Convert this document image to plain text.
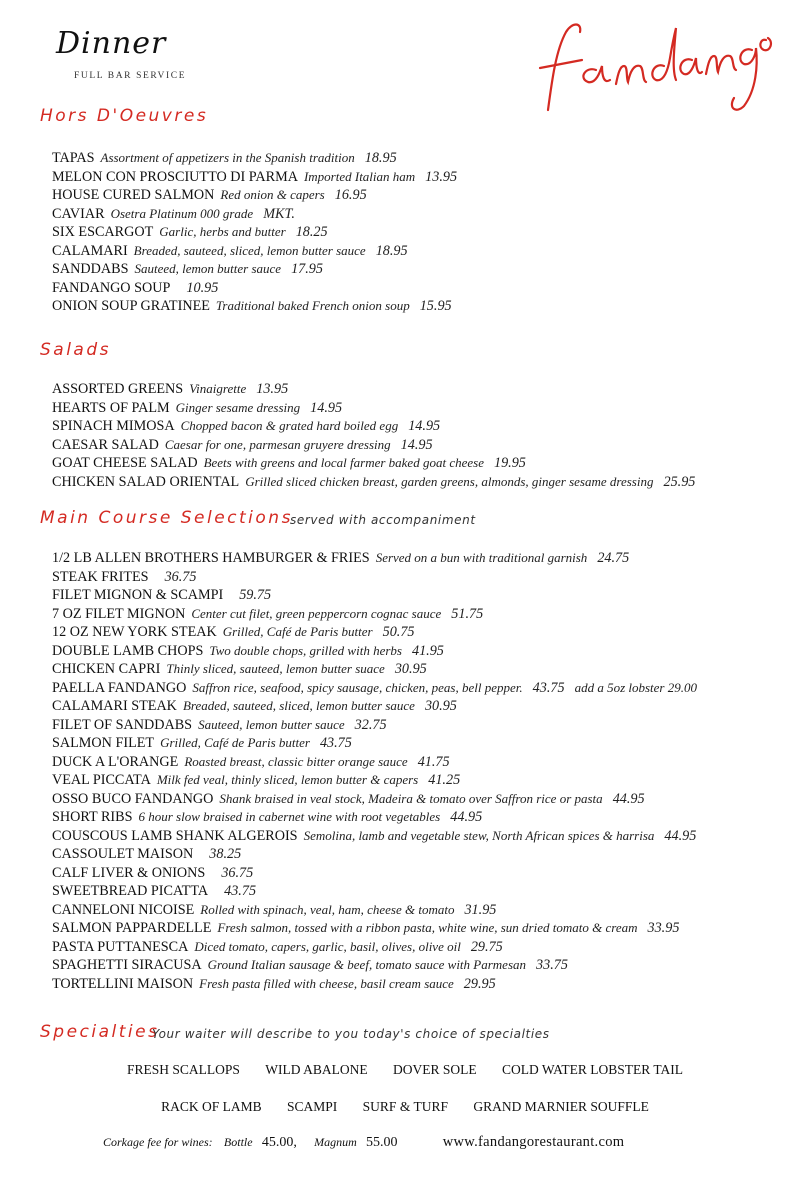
Dinner
FULL BAR SERVICE
Hors D'Oeuvres
TAPAS Assortment of appetizers in the Spanish tradition 18.95
MELON CON PROSCIUTTO DI PARMA Imported Italian ham 13.95
HOUSE CURED SALMON Red onion & capers 16.95
CAVIAR Osetra Platinum 000 grade MKT.
SIX ESCARGOT Garlic, herbs and butter 18.25
CALAMARI Breaded, sauteed, sliced, lemon butter sauce 18.95
SANDDABS Sauteed, lemon butter sauce 17.95
FANDANGO SOUP 10.95
ONION SOUP GRATINEE Traditional baked French onion soup 15.95
Salads
ASSORTED GREENS Vinaigrette 13.95
HEARTS OF PALM Ginger sesame dressing 14.95
SPINACH MIMOSA Chopped bacon & grated hard boiled egg 14.95
CAESAR SALAD Caesar for one, parmesan gruyere dressing 14.95
GOAT CHEESE SALAD Beets with greens and local farmer baked goat cheese 19.95
CHICKEN SALAD ORIENTAL Grilled sliced chicken breast, garden greens, almonds, ginger sesame dressing 25.95
Main Course Selections
served with accompaniment
1/2 LB ALLEN BROTHERS HAMBURGER & FRIES Served on a bun with traditional garnish 24.75
STEAK FRITES 36.75
FILET MIGNON & SCAMPI 59.75
7 OZ FILET MIGNON Center cut filet, green peppercorn cognac sauce 51.75
12 OZ NEW YORK STEAK Grilled, Café de Paris butter 50.75
DOUBLE LAMB CHOPS Two double chops, grilled with herbs 41.95
CHICKEN CAPRI Thinly sliced, sauteed, lemon butter suace 30.95
PAELLA FANDANGO Saffron rice, seafood, spicy sausage, chicken, peas, bell pepper. 43.75 add a 5oz lobster 29.00
CALAMARI STEAK Breaded, sauteed, sliced, lemon butter sauce 30.95
FILET OF SANDDABS Sauteed, lemon butter sauce 32.75
SALMON FILET Grilled, Café de Paris butter 43.75
DUCK A L'ORANGE Roasted breast, classic bitter orange sauce 41.75
VEAL PICCATA Milk fed veal, thinly sliced, lemon butter & capers 41.25
OSSO BUCO FANDANGO Shank braised in veal stock, Madeira & tomato over Saffron rice or pasta 44.95
SHORT RIBS 6 hour slow braised in cabernet wine with root vegetables 44.95
COUSCOUS LAMB SHANK ALGEROIS Semolina, lamb and vegetable stew, North African spices & harrisa 44.95
CASSOULET MAISON 38.25
CALF LIVER & ONIONS 36.75
SWEETBREAD PICATTA 43.75
CANNELONI NICOISE Rolled with spinach, veal, ham, cheese & tomato 31.95
SALMON PAPPARDELLE Fresh salmon, tossed with a ribbon pasta, white wine, sun dried tomato & cream 33.95
PASTA PUTTANESCA Diced tomato, capers, garlic, basil, olives, olive oil 29.75
SPAGHETTI SIRACUSA Ground Italian sausage & beef, tomato sauce with Parmesan 33.75
TORTELLINI MAISON Fresh pasta filled with cheese, basil cream sauce 29.95
Specialties
Your waiter will describe to you today's choice of specialties
FRESH SCALLOPS WILD ABALONE DOVER SOLE COLD WATER LOBSTER TAIL
RACK OF LAMB SCAMPI SURF & TURF GRAND MARNIER SOUFFLE
Corkage fee for wines: Bottle 45.00, Magnum 55.00	www.fandangorestaurant.com
